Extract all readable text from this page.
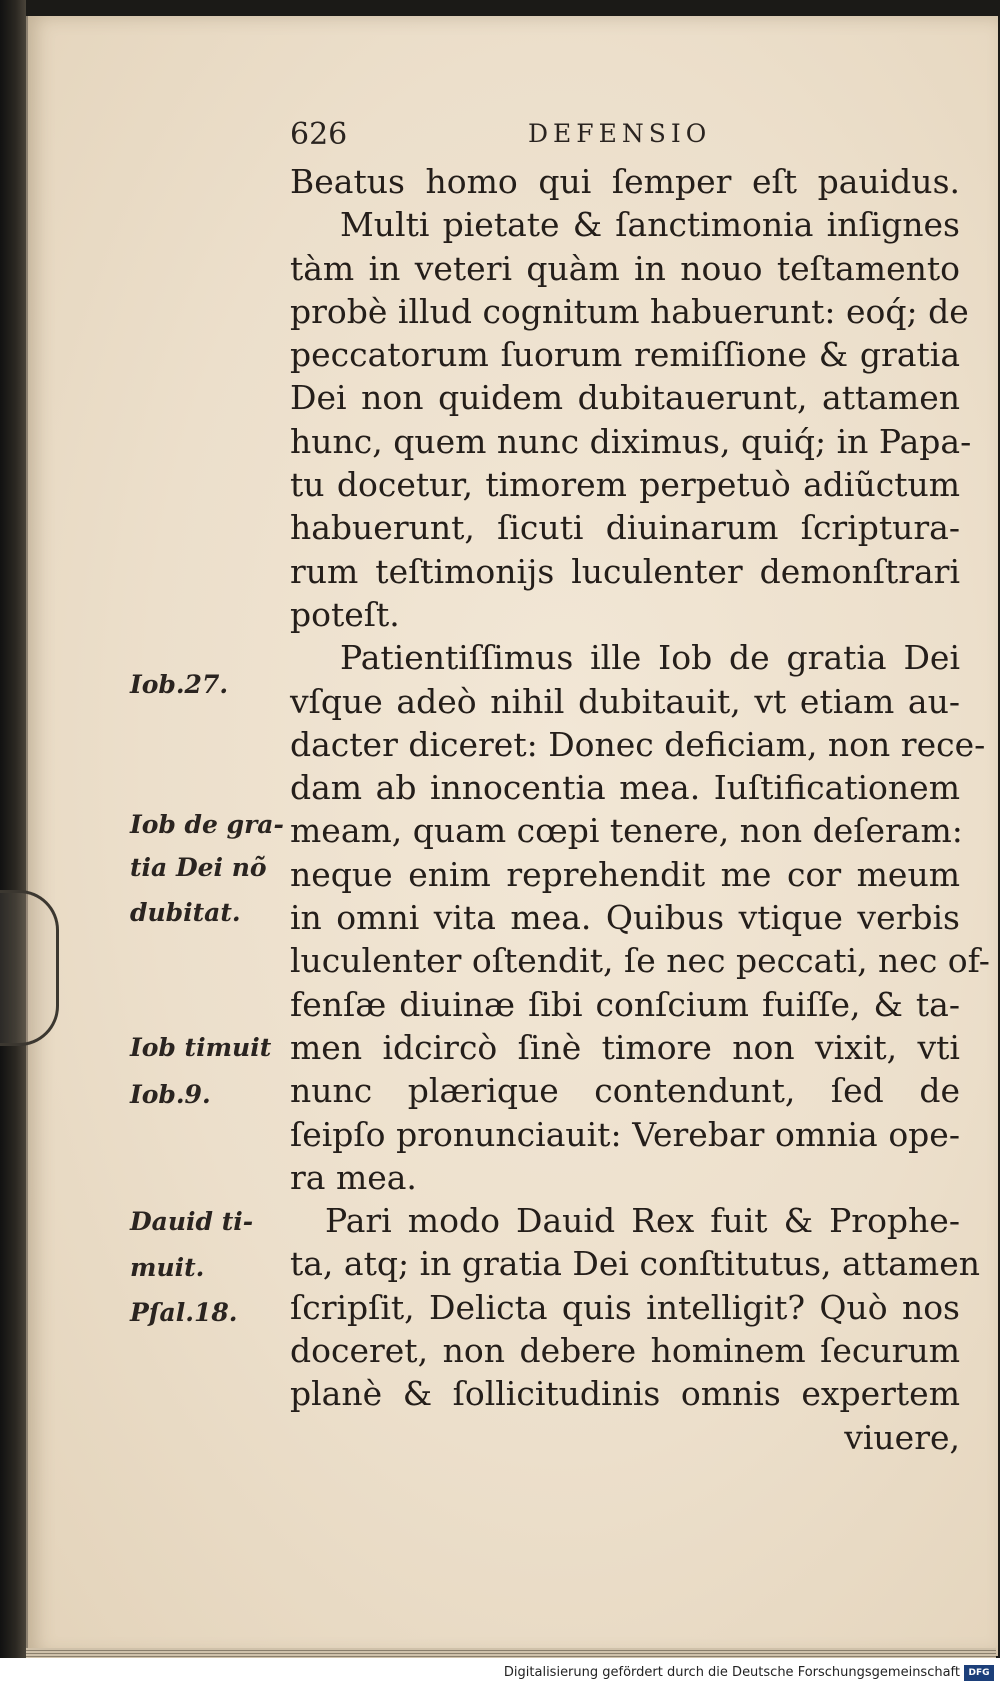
626	DEFENSIO
Beatus homo qui ſemper eſt pauidus.
Multi pietate & ſanctimonia inſignes
tàm in veteri quàm in nouo teſtamento
probè illud cognitum habuerunt: eoq́; de
peccatorum ſuorum remiſſione & gratia
Dei non quidem dubitauerunt, attamen
hunc, quem nunc diximus, quiq́; in Papa-
tu docetur, timorem perpetuò adiũctum
habuerunt, ſicuti diuinarum ſcriptura-
rum teſtimonijs luculenter demonſtrari
poteſt.
Patientiſſimus ille Iob de gratia Dei
vſque adeò nihil dubitauit, vt etiam au-
dacter diceret: Donec deficiam, non rece-
dam ab innocentia mea. Iuſtificationem
meam, quam cœpi tenere, non deſeram:
neque enim reprehendit me cor meum
in omni vita mea. Quibus vtique verbis
luculenter oſtendit, ſe nec peccati, nec of-
fenſæ diuinæ ſibi conſcium fuiſſe, & ta-
men idcircò ſinè timore non vixit, vti
nunc plærique contendunt, ſed de
ſeipſo pronunciauit: Verebar omnia ope-
ra mea.
Pari modo Dauid Rex fuit & Prophe-
ta, atq; in gratia Dei conſtitutus, attamen
ſcripſit, Delicta quis intelligit? Quò nos
doceret, non debere hominem ſecurum
planè & ſollicitudinis omnis expertem
viuere,
Iob.27.
Iob de gra-
tia Dei nõ
dubitat.
Iob timuit
Iob.9.
Dauid ti-
muit.
Pſal.18.
Digitalisierung gefördert durch die Deutsche Forschungsgemeinschaft DFG
